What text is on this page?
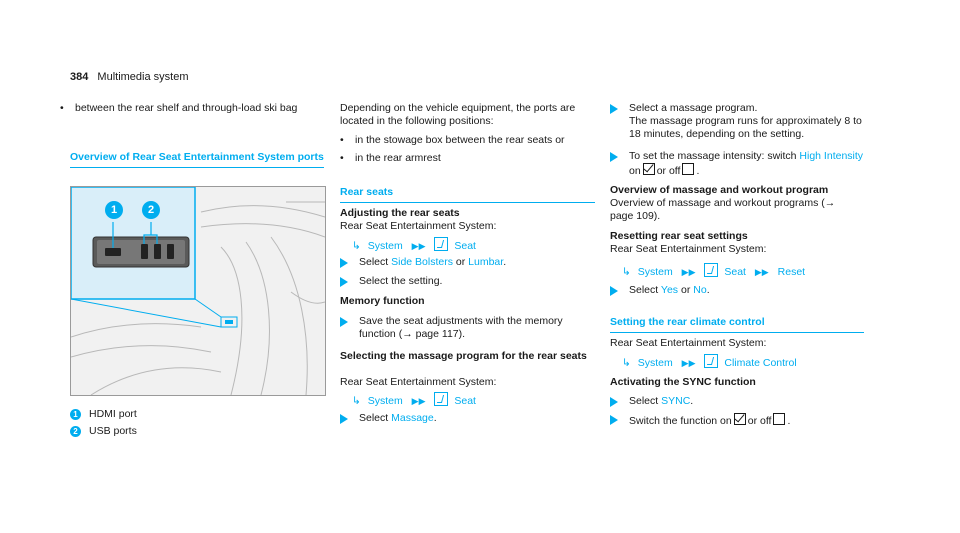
384 Multimedia system
•	between the rear shelf and through-load ski bag
Overview of Rear Seat Entertainment System ports
1	2
1 HDMI port
2 USB ports

Depending on the vehicle equipment, the ports are located in the following positions:

•	in the stowage box between the rear seats or
•	in the rear armrest
Rear seats
Adjusting the rear seats

Rear Seat Entertainment System:

↳ System ▶▶	Seat
Select Side Bolsters or Lumbar.
Select the setting.
Memory function
Save the seat adjustments with the memory function (→ page 117).
Selecting the massage program for the rear seats

Rear Seat Entertainment System:

↳ System ▶▶	Seat
Select Massage.
Select a massage program.
The massage program runs for approximately 8 to 18 minutes, depending on the setting.
To set the massage intensity: switch High Intensity on or off .
Overview of massage and workout program

Overview of massage and workout programs (→ page 109).

Resetting rear seat settings

Rear Seat Entertainment System:

↳ System ▶▶	Seat ▶▶ Reset
Select Yes or No.
Setting the rear climate control

Rear Seat Entertainment System:

↳ System ▶▶	Climate Control
Activating the SYNC function
Select SYNC.
Switch the function on or off .
